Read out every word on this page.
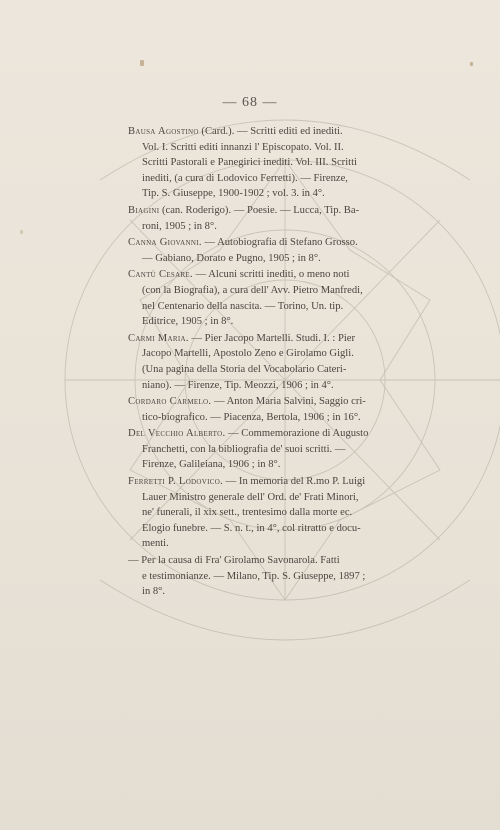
— 68 —

Bausa Agostino (Card.). — Scritti editi ed inediti.

Vol. I. Scritti editi innanzi l' Episcopato. Vol. II.

Scritti Pastorali e Panegirici inediti. Vol. III. Scritti

inediti, (a cura di Lodovico Ferretti). — Firenze,

Tip. S. Giuseppe, 1900-1902 ; vol. 3. in 4°.

Biagini (can. Roderigo). — Poesie. — Lucca, Tip. Ba-

roni, 1905 ; in 8°.

Canna Giovanni. — Autobiografia di Stefano Grosso.

— Gabiano, Dorato e Pugno, 1905 ; in 8°.

Cantù Cesare. — Alcuni scritti inediti, o meno noti

(con la Biografia), a cura dell' Avv. Pietro Manfredi,

nel Centenario della nascita. — Torino, Un. tip.

Editrice, 1905 ; in 8°.

Carmi Maria. — Pier Jacopo Martelli. Studi. I. : Pier

Jacopo Martelli, Apostolo Zeno e Girolamo Gigli.

(Una pagina della Storia del Vocabolario Cateri-

niano). — Firenze, Tip. Meozzi, 1906 ; in 4°.

Cordaro Carmelo. — Anton Maria Salvini, Saggio cri-

tico-biografico. — Piacenza, Bertola, 1906 ; in 16°.

Del Vecchio Alberto. — Commemorazione di Augusto

Franchetti, con la bibliografia de' suoi scritti. —

Firenze, Galileiana, 1906 ; in 8°.

Ferretti P. Lodovico. — In memoria del R.mo P. Luigi

Lauer Ministro generale dell' Ord. de' Frati Minori,

ne' funerali, il xix sett., trentesimo dalla morte ec.

Elogio funebre. — S. n. t., in 4°, col ritratto e docu-

menti.

— Per la causa di Fra' Girolamo Savonarola. Fatti

e testimonianze. — Milano, Tip. S. Giuseppe, 1897 ;

in 8°.
